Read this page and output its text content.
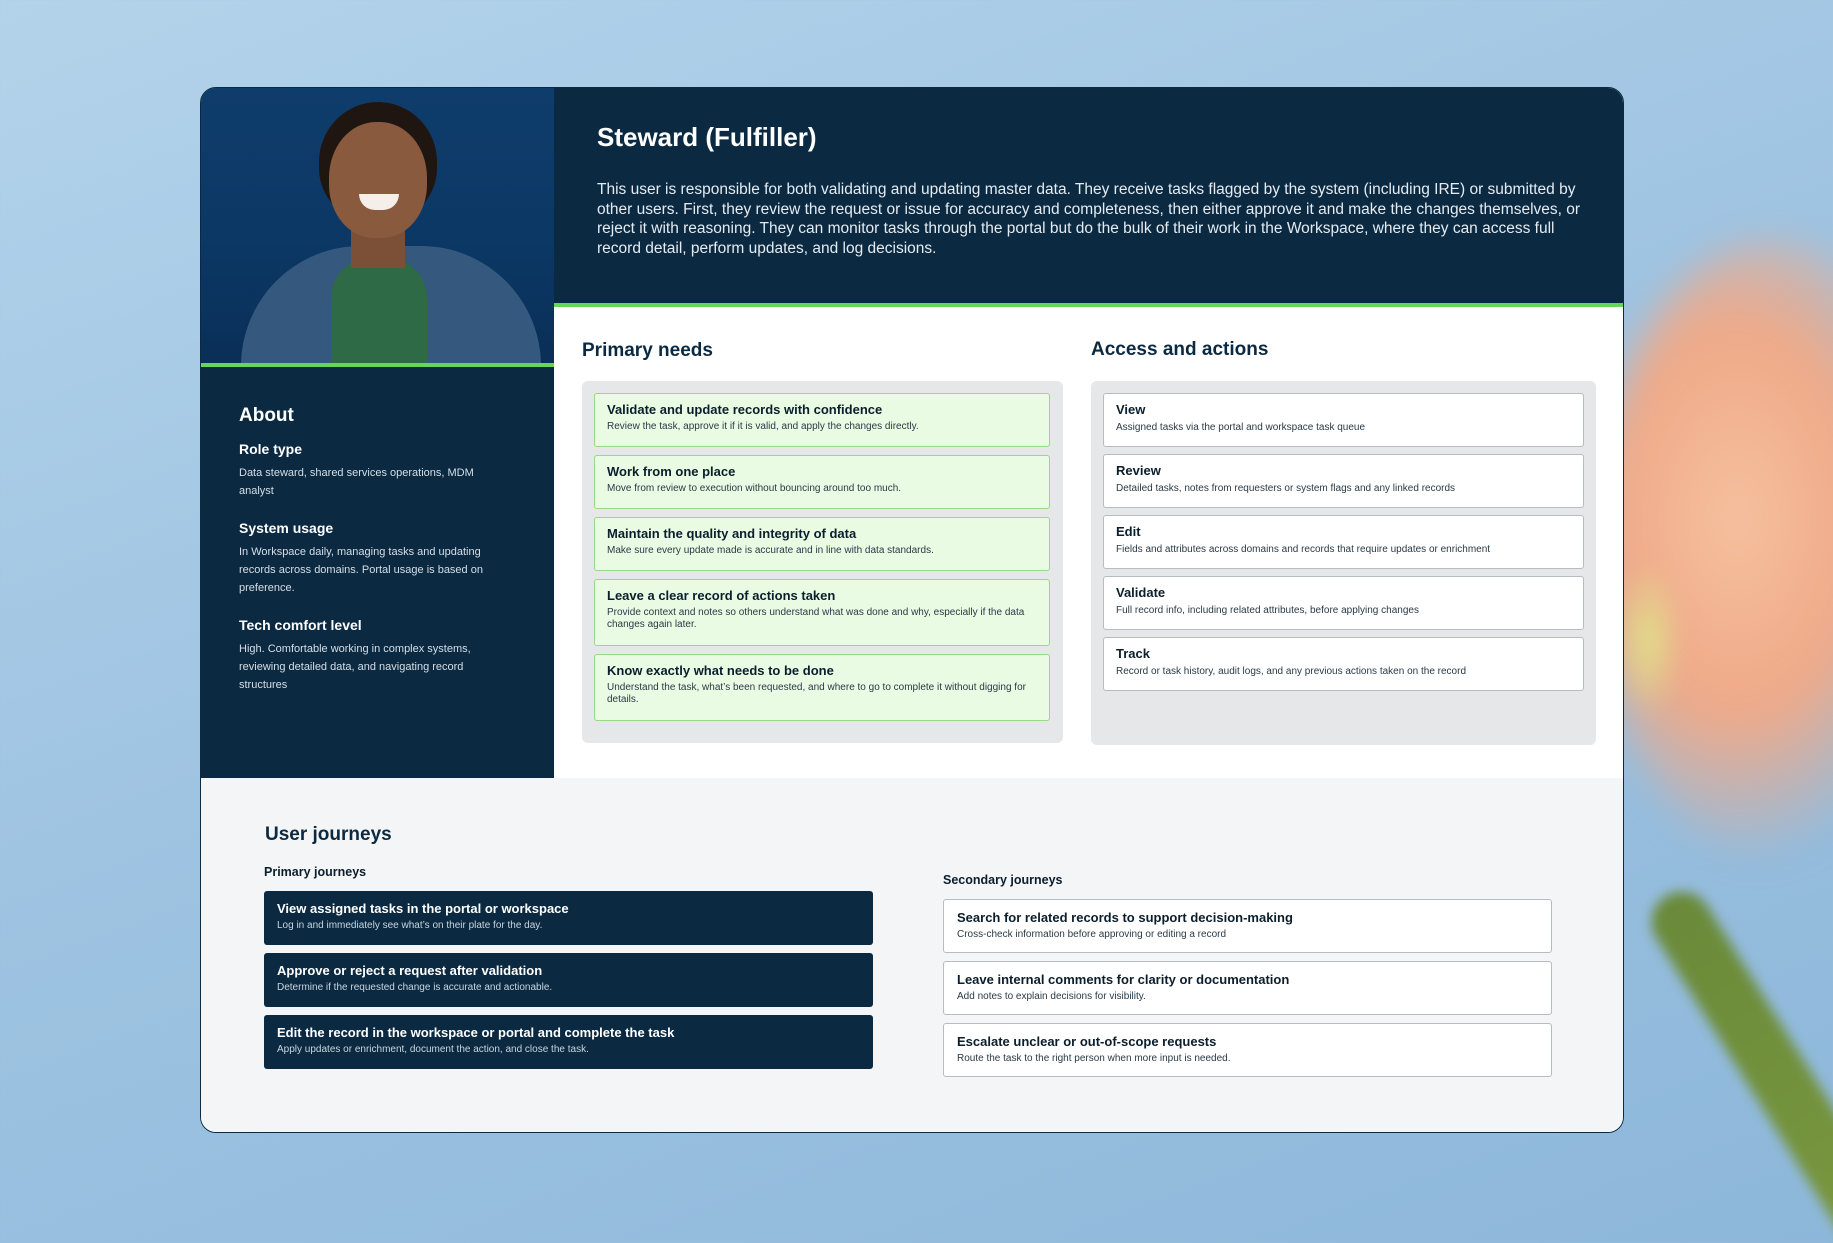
About
Role type
Data steward, shared services operations, MDM analyst
System usage
In Workspace daily, managing tasks and updating records across domains. Portal usage is based on preference.
Tech comfort level
High. Comfortable working in complex systems, reviewing detailed data, and navigating record structures
Steward (Fulfiller)

This user is responsible for both validating and updating master data. They receive tasks flagged by the system (including IRE) or submitted by other users. First, they review the request or issue for accuracy and completeness, then either approve it and make the changes themselves, or reject it with reasoning. They can monitor tasks through the portal but do the bulk of their work in the Workspace, where they can access full record detail, perform updates, and log decisions.

Primary needs
Validate and update records with confidence
Review the task, approve it if it is valid, and apply the changes directly.
Work from one place
Move from review to execution without bouncing around too much.
Maintain the quality and integrity of data
Make sure every update made is accurate and in line with data standards.
Leave a clear record of actions taken
Provide context and notes so others understand what was done and why, especially if the data changes again later.
Know exactly what needs to be done
Understand the task, what’s been requested, and where to go to complete it without digging for details.
Access and actions
View
Assigned tasks via the portal and workspace task queue
Review
Detailed tasks, notes from requesters or system flags and any linked records
Edit
Fields and attributes across domains and records that require updates or enrichment
Validate
Full record info, including related attributes, before applying changes
Track
Record or task history, audit logs, and any previous actions taken on the record
User journeys
Primary journeys
Secondary journeys
View assigned tasks in the portal or workspace
Log in and immediately see what’s on their plate for the day.
Approve or reject a request after validation
Determine if the requested change is accurate and actionable.
Edit the record in the workspace or portal and complete the task
Apply updates or enrichment, document the action, and close the task.
Search for related records to support decision-making
Cross-check information before approving or editing a record
Leave internal comments for clarity or documentation
Add notes to explain decisions for visibility.
Escalate unclear or out-of-scope requests
Route the task to the right person when more input is needed.
